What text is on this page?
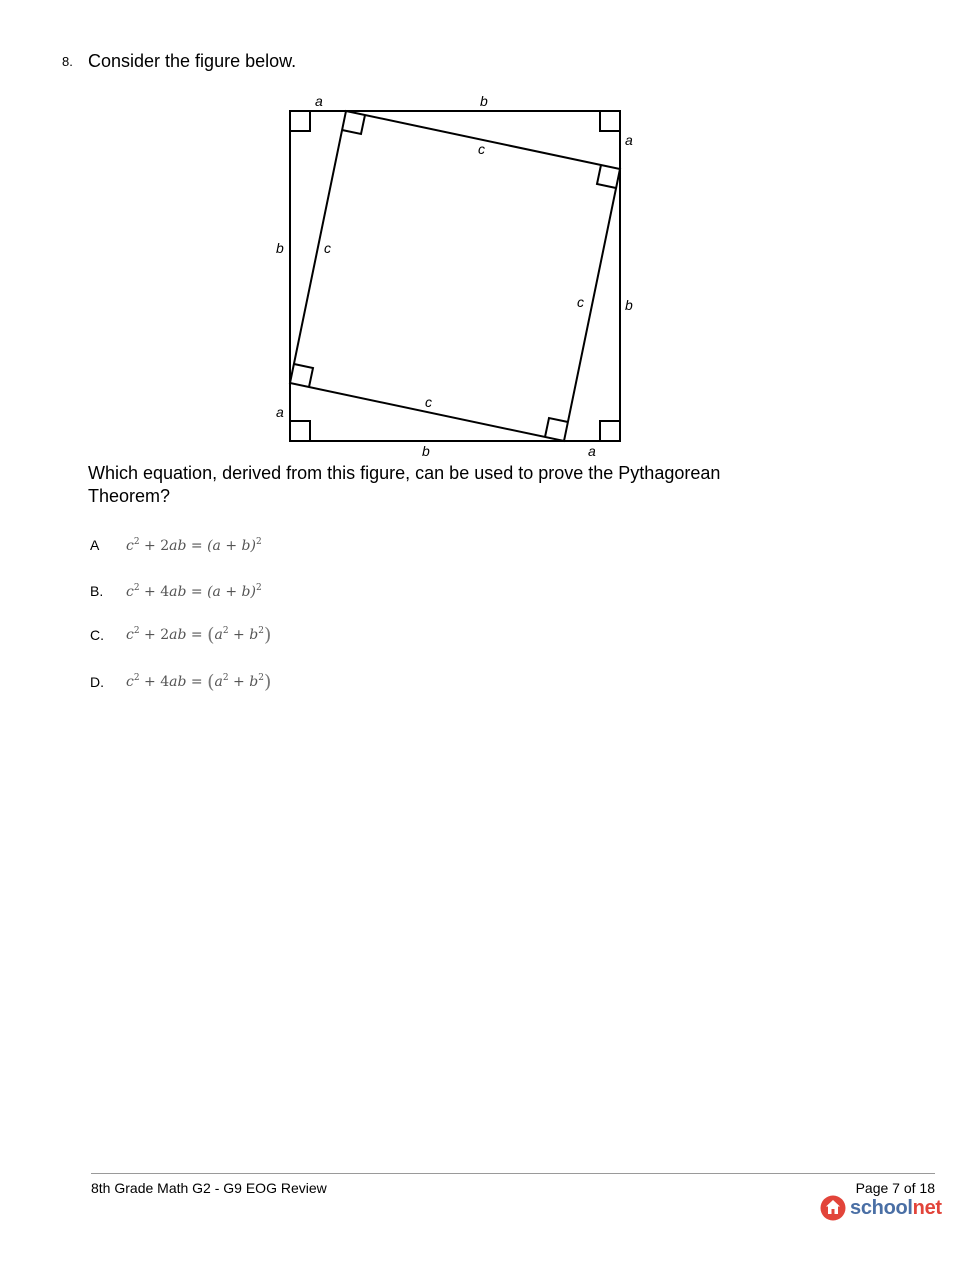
8. Consider the figure below.
a	b
a
b
b	a
b
a
c
c
c
c
Which equation, derived from this figure, can be used to prove the Pythagorean Theorem?
A	$c^2 + 2ab = (a + b)^2$
B.	$c^2 + 4ab = (a + b)^2$
C.	$c^2 + 2ab = (a^2 + b^2)$
D.	$c^2 + 4ab = (a^2 + b^2)$
8th Grade Math G2 - G9 EOG Review	Page 7 of 18
schoolnet
